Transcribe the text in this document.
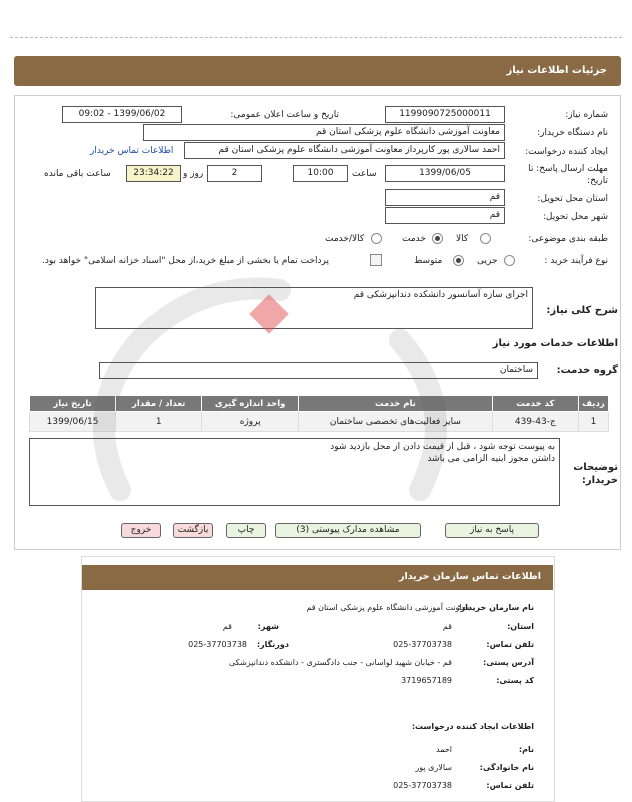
جزئیات اطلاعات نیاز
شماره نیاز:
1199090725000011
تاریخ و ساعت اعلان عمومی:
1399/06/02 - 09:02
نام دستگاه خریدار:
معاونت آموزشی دانشگاه علوم پزشکی استان قم
ایجاد کننده درخواست:
احمد سالاری پور کارپرداز معاونت آموزشی دانشگاه علوم پزشکی استان قم
اطلاعات تماس خریدار
مهلت ارسال پاسخ: تا
تاریخ:
1399/06/05
ساعت
10:00
2
روز و
23:34:22
ساعت باقی مانده
استان محل تحویل:
قم
شهر محل تحویل:
قم
طبقه بندی موضوعی:
کالا
خدمت
کالا/خدمت
نوع فرآیند خرید :
جزیی
متوسط
پرداخت تمام یا بخشی از مبلغ خرید،از محل "اسناد خزانه اسلامی" خواهد بود.
شرح کلی نیاز:
اجرای سازه آسانسور دانشکده دندانپزشکی قم
اطلاعات خدمات مورد نیاز
گروه خدمت:
ساختمان
ردیف	کد خدمت	نام خدمت	واحد اندازه گیری	تعداد / مقدار	تاریخ نیاز
1	ج-43-439	سایر فعالیت‌های تخصصی ساختمان	پروژه	1	1399/06/15
توضیحات
خریدار:
به پیوست توجه شود ، قبل از قیمت دادن از محل بازدید شود
داشتن مجوز ابنیه الزامی می باشد
پاسخ به نیاز
مشاهده مدارک پیوستی (3)
چاپ
بازگشت
خروج
اطلاعات تماس سازمان خریدار
نام سازمان خریدار:
معاونت آموزشی دانشگاه علوم پزشکی استان قم
استان:
قم
شهر:
قم
تلفن تماس:
025-37703738
دورنگار:
025-37703738
آدرس پستی:
قم - خیابان شهید لواسانی - جنب دادگستری - دانشکده دندانپزشکی
کد پستی:
3719657189
اطلاعات ایجاد کننده درخواست:
نام:
احمد
نام خانوادگی:
سالاری پور
تلفن تماس:
025-37703738
